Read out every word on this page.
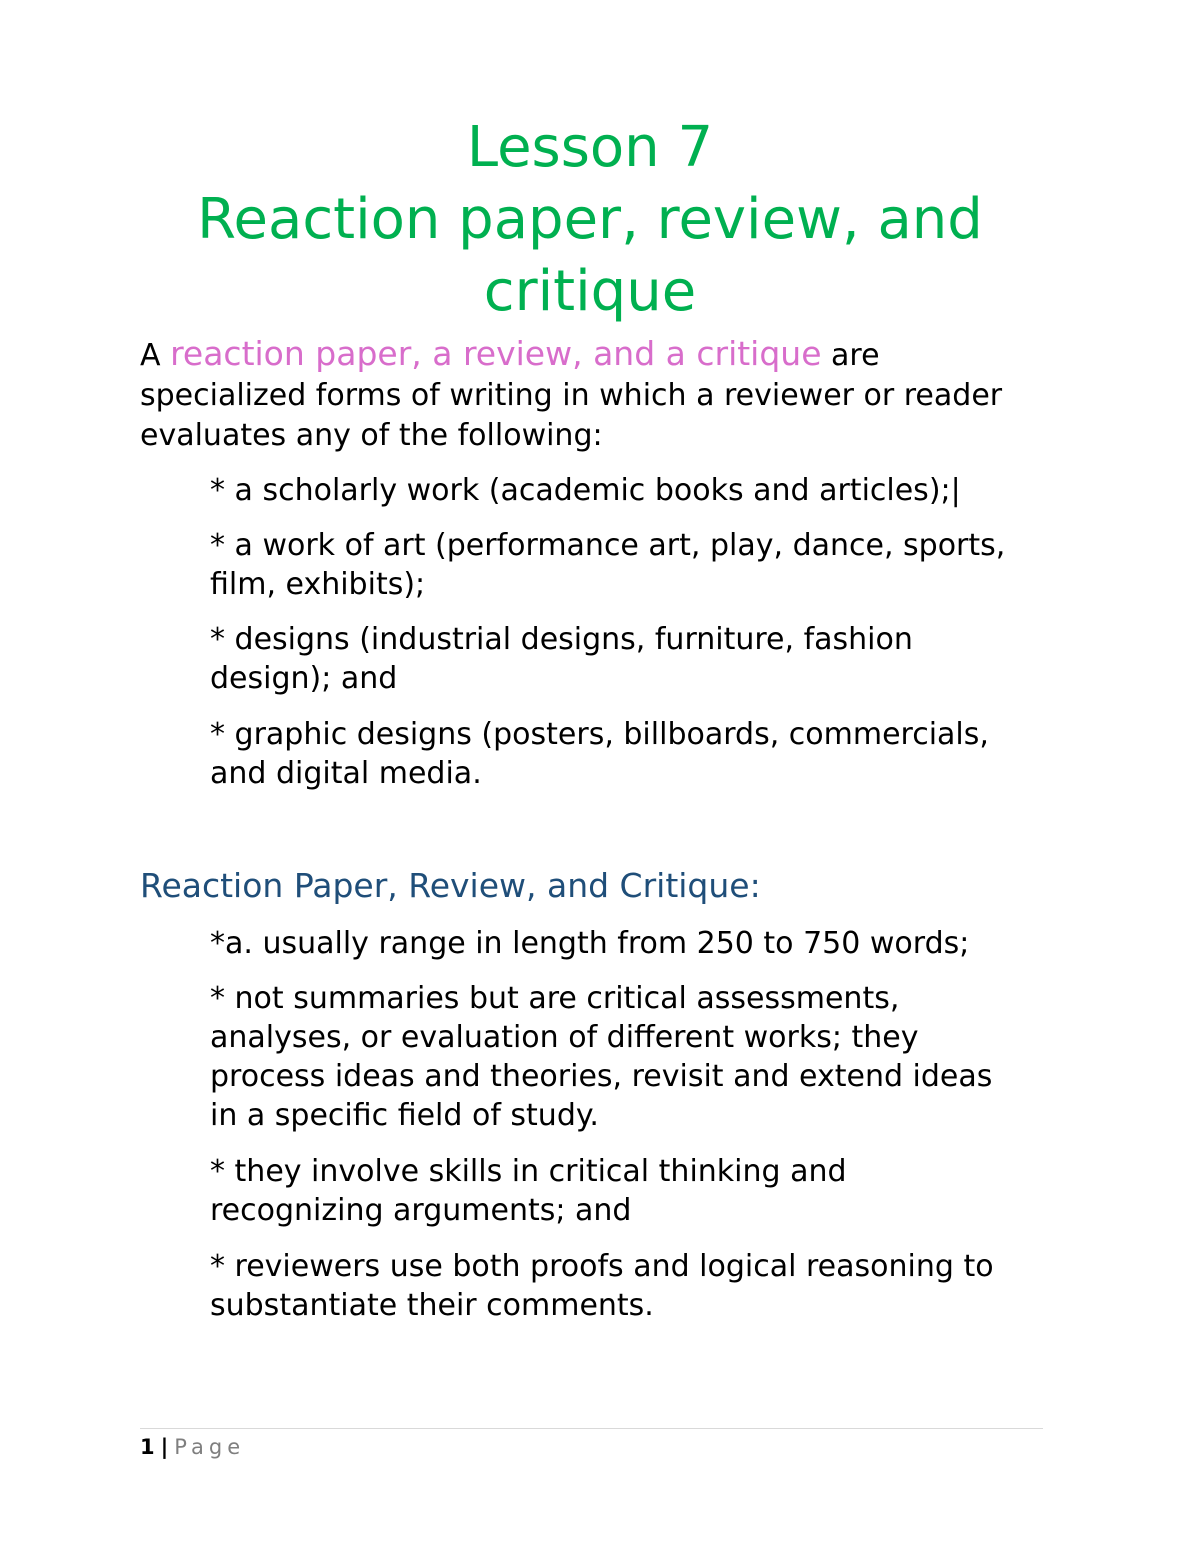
Lesson 7
Reaction paper, review, and
critique

A reaction paper, a review, and a critique are
specialized forms of writing in which a reviewer or reader
evaluates any of the following:

* a scholarly work (academic books and articles);|
* a work of art (performance art, play, dance, sports,
film, exhibits);
* designs (industrial designs, furniture, fashion
design); and
* graphic designs (posters, billboards, commercials,
and digital media.
Reaction Paper, Review, and Critique:
*a. usually range in length from 250 to 750 words;
* not summaries but are critical assessments,
analyses, or evaluation of different works; they
process ideas and theories, revisit and extend ideas
in a specific field of study.
* they involve skills in critical thinking and
recognizing arguments; and
* reviewers use both proofs and logical reasoning to
substantiate their comments.
1 | Page
